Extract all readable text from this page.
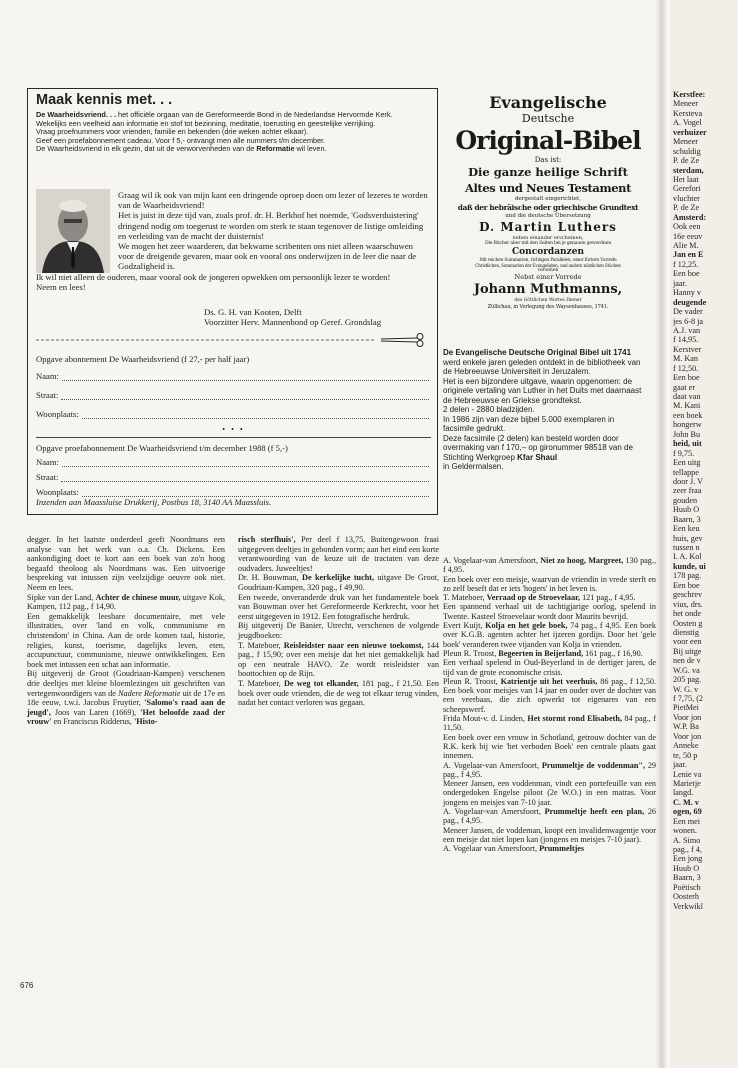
Maak kennis met. . .

De Waarheidsvriend. . . het officiële orgaan van de Gereformeerde Bond in de Nederlandse Hervormde Kerk.

Wekelijks een veelheid aan informatie en stof tot bezinning, meditatie, toerusting en geestelijke verrijking.

Vraag proefnummers voor vrienden, familie en bekenden (drie weken achter elkaar).

Geef een proefabonnement cadeau. Voor f 5,- ontvangt men alle nummers t/m december.

De Waarheidsvriend in elk gezin, dat uit de verworvenheden van de Reformatie wil leven.

Graag wil ik ook van mijn kant een dringende oproep doen om lezer of lezeres te worden van de Waarheidsvriend!

Het is juist in deze tijd van, zoals prof. dr. H. Berkhof het noemde, 'Godsverduistering' dringend nodig om toegerust te worden om sterk te staan tegenover de listige omleiding en verleiding van de macht der duisternis!

We mogen het zeer waarderen, dat bekwame scribenten ons niet alleen waarschuwen voor de dreigende gevaren, maar ook en vooral ons onderwijzen in de leer die naar de Godzaligheid is.

Ik wil niet alleen de ouderen, maar vooral ook de jongeren opwekken om persoonlijk lezer te worden!

Neem en lees!

Ds. G. H. van Kooten, Delft
Voorzitter Herv. Mannenbond op Geref. Grondslag
Opgave abonnement De Waarheidsvriend (f 27,- per half jaar)
Naam:
Straat:
Woonplaats:
• • •
Opgave proefabonnement De Waarheidsvriend t/m december 1988 (f 5,-)
Naam:
Straat:
Woonplaats:
Inzenden aan Maassluise Drukkerij, Postbus 18, 3140 AA Maassluis.
Evangelische
Deutsche
Original-Bibel
Das ist:
Die ganze heilige Schrift
Altes und Neues Testament
dergestalt eingerichtet,
daß der hebräische oder griechische Grundtext
und die deutsche Übersetzung
D. Martin Luthers
neben einander erscheinen,
Die Bücher aber mit den Seiten bei je genauen gewordnen
Concordanzen
Mit reichen Summarien, richtigen Parallelen, einer fürtern Vorrede
Christlichen, Summarien der Evangelisten, und andern nützlichen Stücken
versehen
Nebst einer Vorrede
Johann Muthmanns,
des Göttlichen Wortes Diener
Züllichau, in Verlegung des Waysenhauses, 1741.

De Evangelische Deutsche Original Bibel uit 1741 werd enkele jaren geleden ontdekt in de bibliotheek van de Hebreeuwse Universiteit in Jeruzalem.

Het is een bijzondere uitgave, waarin opgenomen: de originele vertaling van Luther in het Duits met daarnaast de Hebreeuwse en Griekse grondtekst.

2 delen - 2880 bladzijden.

In 1986 zijn van deze bijbel 5.000 exemplaren in facsimile gedrukt.

Deze facsimile (2 delen) kan besteld worden door overmaking van f 170,– op gironummer 98518 van de

Stichting Werkgroep Kfar Shaul

in Geldermalsen.

A. Vogelaar-van Amersfoort, Niet zo hoog, Margreet, 130 pag., f 4,95.

Een boek over een meisje, waarvan de vriendin in vrede sterft en zo zelf beseft dat er iets 'hogers' in het leven is.

T. Mateboer, Verraad op de Stroevelaar, 121 pag., f 4,95.

Een spannend verhaal uit de tachtigjarige oorlog, spelend in Twente. Kasteel Stroevelaar wordt door Maurits bevrijd.

Evert Kuijt, Kolja en het gele boek, 74 pag., f 4,95. Een boek over K.G.B. agenten achter het ijzeren gordijn. Door het 'gele boek' veranderen twee vijanden van Kolja in vrienden.

Pleun R. Troost, Begeerten in Beijerland, 161 pag., f 16,90.

Een verhaal spelend in Oud-Beyerland in de dertiger jaren, de tijd van de grote economische crisis.

Pleun R. Troost, Katrientje uit het veerhuis, 86 pag., f 12,50. Een boek voor meisjes van 14 jaar en ouder over de dochter van een veerbaas, die zich opwerkt tot eigenares van een scheepswerf.

Frida Mout-v. d. Linden, Het stormt rond Elisabeth, 84 pag., f 11,50.

Een boek over een vrouw in Schotland, getrouw dochter van de R.K. kerk bij wie 'het verboden Boek' een centrale plaats gaat innemen.

A. Vogelaar-van Amersfoort, Prummeltje de voddenman", 29 pag., f 4,95.

Meneer Jansen, een voddenman, vindt een portefeuille van een ondergedoken Engelse piloot (2e W.O.) in een matras. Voor jongens en meisjes van 7-10 jaar.

A. Vogelaar-van Amersfoort, Prummeltje heeft een plan, 26 pag., f 4,95.

Meneer Jansen, de voddeman, koopt een invalidenwagentje voor een meisje dat niet lopen kan (jongens en meisjes 7-10 jaar).

A. Vogelaar van Amersfoort, Prummeltjes

degger. In het laatste onderdeel geeft Noordmans een analyse van het werk van o.a. Ch. Dickens. Een aankondiging doet te kort aan een boek van zo'n hoog begaafd theoloog als Noordmans was. Een uitvoerige bespreking vat intussen zijn veelzijdige oeuvre ook niet. Neem en lees.

Sipke van der Land, Achter de chinese muur, uitgave Kok, Kampen, 112 pag., f 14,90.

Een gemakkelijk leesbare documentaire, met vele illustraties, over 'land en volk, communisme en christendom' in China. Aan de orde komen taal, historie, religies, kunst, toerisme, dagelijks leven, eten, accupunctuur, communisme, nieuwe ontwikkelingen. Een boek met intussen een schat aan informatie.

Bij uitgeverij de Groot (Goudriaan-Kampen) verschenen drie deeltjes met kleine bloemlezingen uit geschriften van vertegenwoordigers van de Nadere Reformatie uit de 17e en 18e eeuw, t.w.i. Jacobus Fruytier, 'Salomo's raad aan de jeugd', Joos van Laren (1669), 'Het beloofde zaad der vrouw' en Franciscus Ridderus, 'Histo-

risch sterfhuis', Per deel f 13,75. Buitengewoon fraai uitgegeven deeltjes in gebonden vorm; aan het eind een korte verantwoording van de keuze uit de tractaten van deze oudvaders. Juweeltjes!

Dr. H. Bouwman, De kerkelijke tucht, uitgave De Groot, Goudriaan-Kampen, 320 pag., f 49,90.

Een tweede, onveranderde druk van het fundamentele boek van Bouwman over het Gereformeerde Kerkrecht, voor het eerst uitgegeven in 1912. Een fotografische herdruk.

Bij uitgeverij De Banier, Utrecht, verschenen de volgende jeugdboeken:

T. Mateboer, Reisleidster naar een nieuwe toekomst, 144 pag., f 15,90; over een meisje dat het niet gemakkelijk had op een neutrale HAVO. Ze wordt reisleidster van boottochten op de Rijn.

T. Mateboer, De weg tot elkander, 181 pag., f 21,50. Een boek over oude vrienden, die de weg tot elkaar terug vinden, nadat het contact verloren was gegaan.

676
Kerstfee:
Meneer
Kersteva
A. Vogel
verhuizer
Meneer
schuldig
P. de Ze
sterdam,
Het laat
Gerefori
vluchter
P. de Ze
Amsterd:
Ook een
16e eeuv
Alie M.
Jan en E
f 12,25.
Een boe
jaar.
Hanny v
deugende
De vader
jes 6-8 ja
A.J. van
f 14,95.
Kerstver
M. Kan
f 12,50.
Een boe
gaat er
daat van
M. Kani
een boek
hongerw
John Bu
heid, uit
f 9,75.
Een uitg
tellappe
door J. V
zeer fraa
gouden
Huub O
Baarn, 3
Een keu
huis, gev
tussen n
I. A. Kol
kunde, ui
178 pag.
Een boe
geschrev
vius, drs.
het onde
Oosten g
dienstig
voor een
Bij uitge
nen de v
W.G. va
205 pag.
W. G. v
f 7,75, (2
PietMei
Voor jon
W.P. Ba
Voor jon
Anneke
te, 50 p
jaar.
Lenie va
Marietje
langd.
C. M. v
ogen, 69
Een mei
wonen.
A. Simo
pag., f 4,
Een jong
Huub O
Baarn, 3
Poëtisch
Oosterh
Verkwikl
